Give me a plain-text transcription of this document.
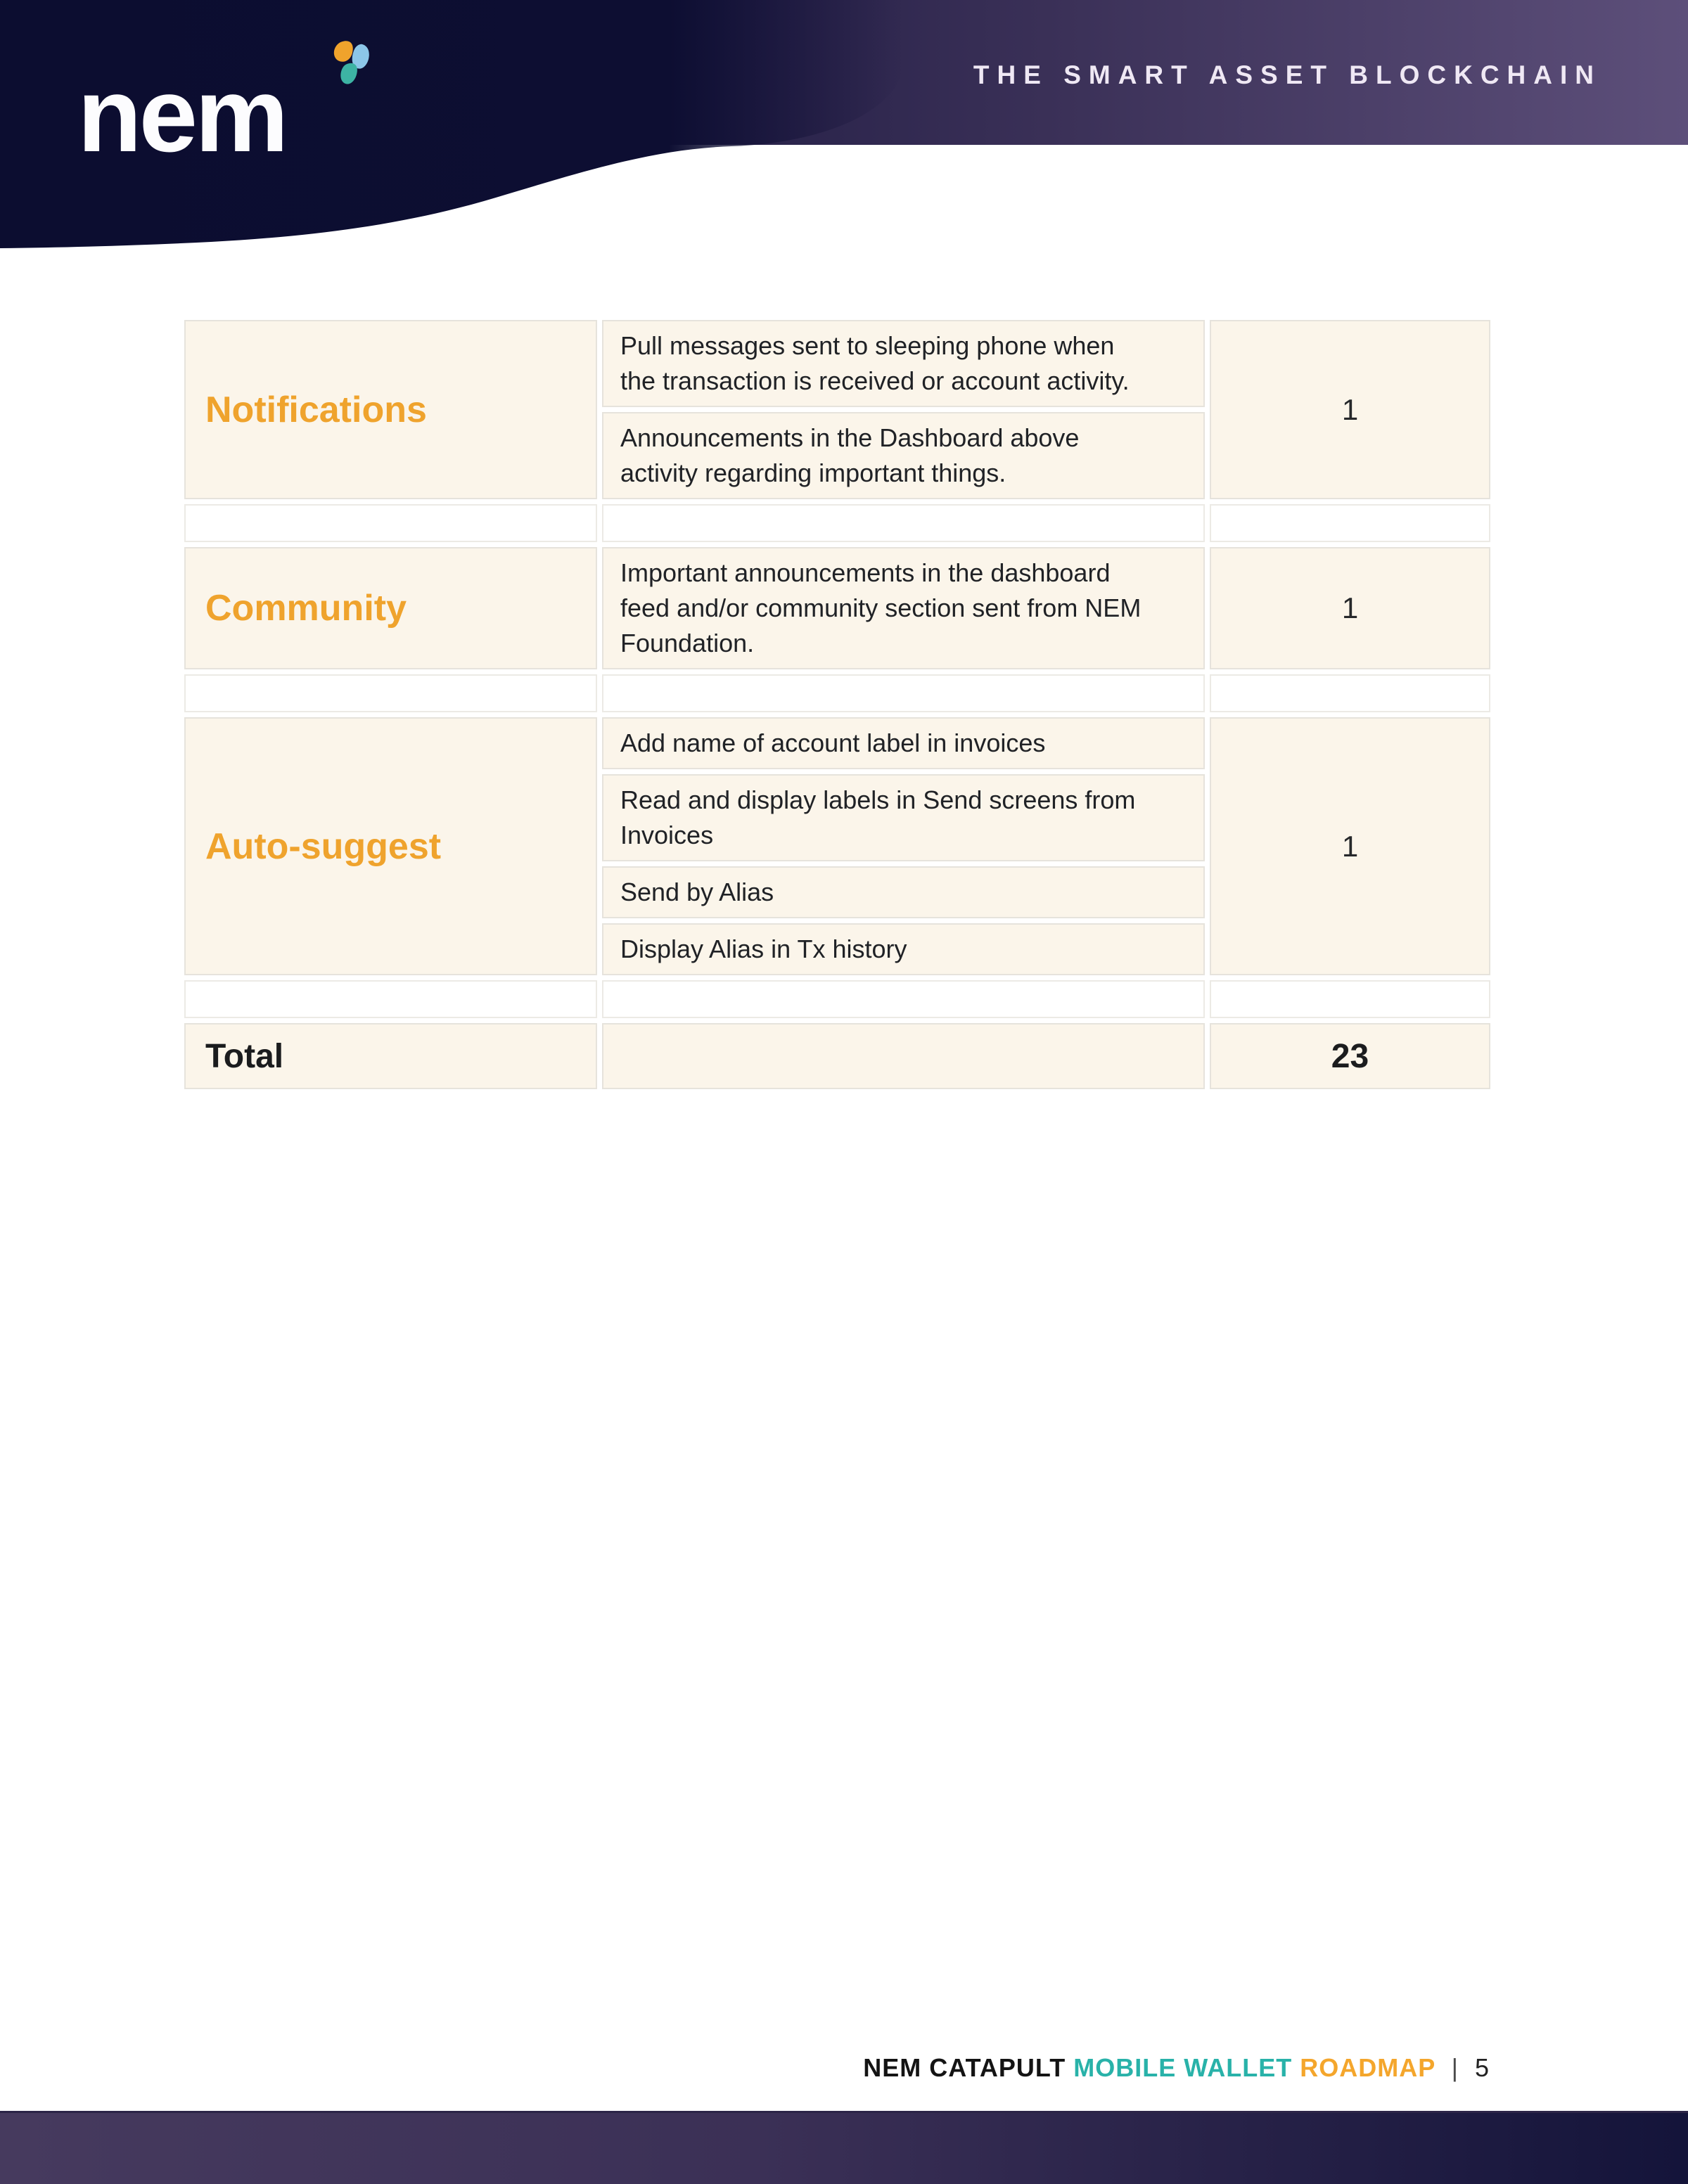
nem	THE SMART ASSET BLOCKCHAIN
Notifications	Pull messages sent to sleeping phone when the transaction is received or account activity.	1
	Announcements in the Dashboard above activity regarding important things.	

Community	Important announcements in the dashboard feed and/or community section sent from NEM Foundation.	1

Auto-suggest	Add name of account label in invoices	1
	Read and display labels in Send screens from Invoices	
	Send by Alias	
	Display Alias in Tx history	

Total		23
NEM CATAPULT MOBILE WALLET ROADMAP | 5
